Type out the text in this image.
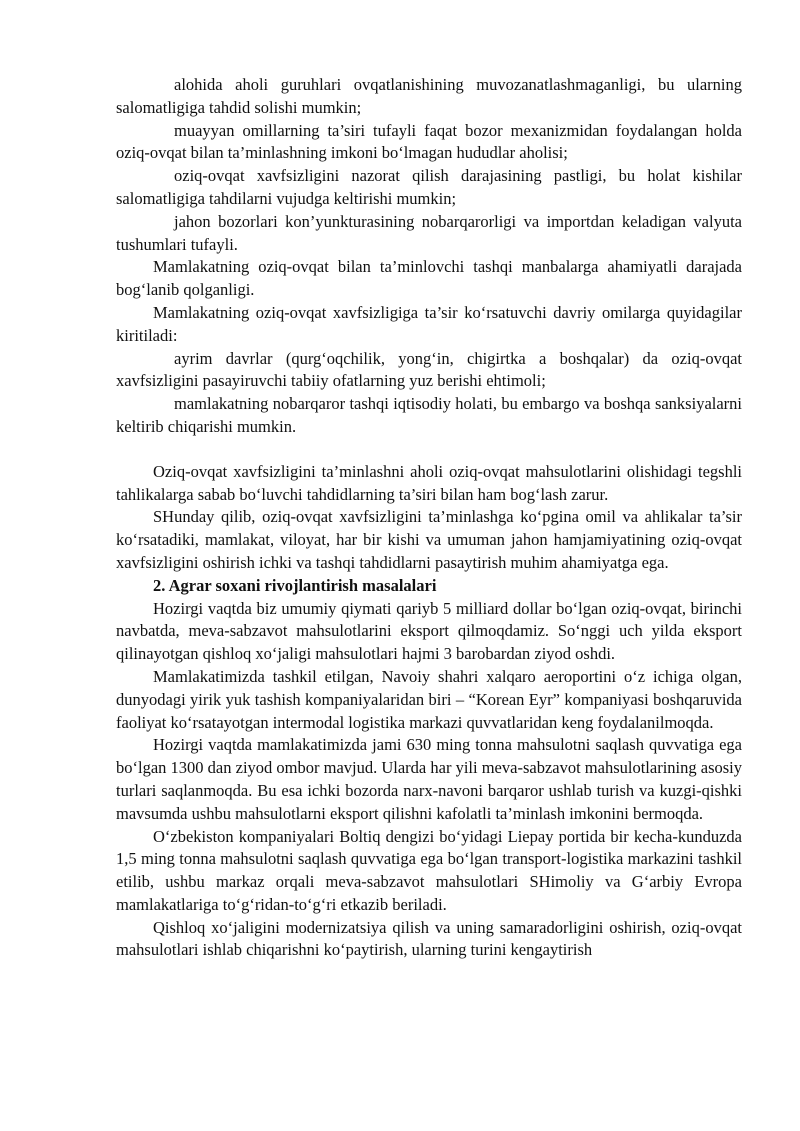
alohida aholi guruhlari ovqatlanishining muvozanatlashmaganligi, bu ularning salomatligiga tahdid solishi mumkin;

muayyan omillarning ta’siri tufayli faqat bozor mexanizmidan foydalangan holda oziq-ovqat bilan ta’minlashning imkoni bo‘lmagan hududlar aholisi;

oziq-ovqat xavfsizligini nazorat qilish darajasining pastligi, bu holat kishilar salomatligiga tahdilarni vujudga keltirishi mumkin;

jahon bozorlari kon’yunkturasining nobarqarorligi va importdan keladigan valyuta tushumlari tufayli.

Mamlakatning oziq-ovqat bilan ta’minlovchi tashqi manbalarga ahamiyatli darajada bog‘lanib qolganligi.

Mamlakatning oziq-ovqat xavfsizligiga ta’sir ko‘rsatuvchi davriy omilarga quyidagilar kiritiladi:

ayrim davrlar (qurg‘oqchilik, yong‘in, chigirtka a boshqalar) da oziq-ovqat xavfsizligini pasayiruvchi tabiiy ofatlarning yuz berishi ehtimoli;

mamlakatning nobarqaror tashqi iqtisodiy holati, bu embargo va boshqa sanksiyalarni keltirib chiqarishi mumkin.

Oziq-ovqat xavfsizligini ta’minlashni aholi oziq-ovqat mahsulotlarini olishidagi tegshli tahlikalarga sabab bo‘luvchi tahdidlarning ta’siri bilan ham bog‘lash zarur.

SHunday qilib, oziq-ovqat xavfsizligini ta’minlashga ko‘pgina omil va ahlikalar ta’sir ko‘rsatadiki, mamlakat, viloyat, har bir kishi va umuman jahon hamjamiyatining oziq-ovqat xavfsizligini oshirish ichki va tashqi tahdidlarni pasaytirish muhim ahamiyatga ega.

2. Agrar soxani rivojlantirish masalalari

Hozirgi vaqtda biz umumiy qiymati qariyb 5 milliard dollar bo‘lgan oziq-ovqat, birinchi navbatda, meva-sabzavot mahsulotlarini eksport qilmoqdamiz. So‘nggi uch yilda eksport qilinayotgan qishloq xo‘jaligi mahsulotlari hajmi 3 barobardan ziyod oshdi.

Mamlakatimizda tashkil etilgan, Navoiy shahri xalqaro aeroportini o‘z ichiga olgan, dunyodagi yirik yuk tashish kompaniyalaridan biri – “Korean Eyr” kompaniyasi boshqaruvida faoliyat ko‘rsatayotgan intermodal logistika markazi quvvatlaridan keng foydalanilmoqda.

Hozirgi vaqtda mamlakatimizda jami 630 ming tonna mahsulotni saqlash quvvatiga ega bo‘lgan 1300 dan ziyod ombor mavjud. Ularda har yili meva-sabzavot mahsulotlarining asosiy turlari saqlanmoqda. Bu esa ichki bozorda narx-navoni barqaror ushlab turish va kuzgi-qishki mavsumda ushbu mahsulotlarni eksport qilishni kafolatli ta’minlash imkonini bermoqda.

O‘zbekiston kompaniyalari Boltiq dengizi bo‘yidagi Liepay portida bir kecha-kunduzda 1,5 ming tonna mahsulotni saqlash quvvatiga ega bo‘lgan transport-logistika markazini tashkil etilib, ushbu markaz orqali meva-sabzavot mahsulotlari SHimoliy va G‘arbiy Evropa mamlakatlariga to‘g‘ridan-to‘g‘ri etkazib beriladi.

Qishloq xo‘jaligini modernizatsiya qilish va uning samaradorligini oshirish, oziq-ovqat mahsulotlari ishlab chiqarishni ko‘paytirish, ularning turini kengaytirish
